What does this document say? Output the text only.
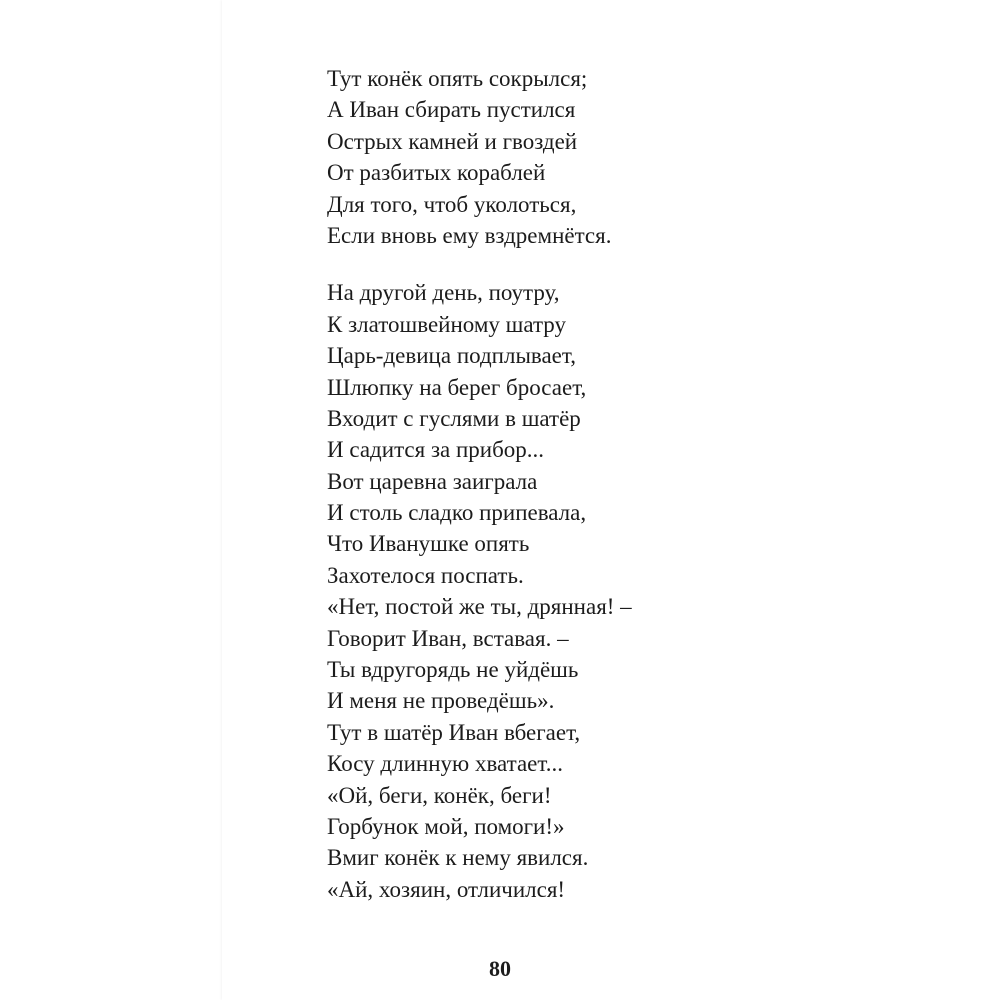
Тут конёк опять сокрылся;
А Иван сбирать пустился
Острых камней и гвоздей
От разбитых кораблей
Для того, чтоб уколоться,
Если вновь ему вздремнётся.
На другой день, поутру,
К златошвейному шатру
Царь-девица подплывает,
Шлюпку на берег бросает,
Входит с гуслями в шатёр
И садится за прибор...
Вот царевна заиграла
И столь сладко припевала,
Что Иванушке опять
Захотелося поспать.
«Нет, постой же ты, дрянная! –
Говорит Иван, вставая. –
Ты вдругорядь не уйдёшь
И меня не проведёшь».
Тут в шатёр Иван вбегает,
Косу длинную хватает...
«Ой, беги, конёк, беги!
Горбунок мой, помоги!»
Вмиг конёк к нему явился.
«Ай, хозяин, отличился!
80
